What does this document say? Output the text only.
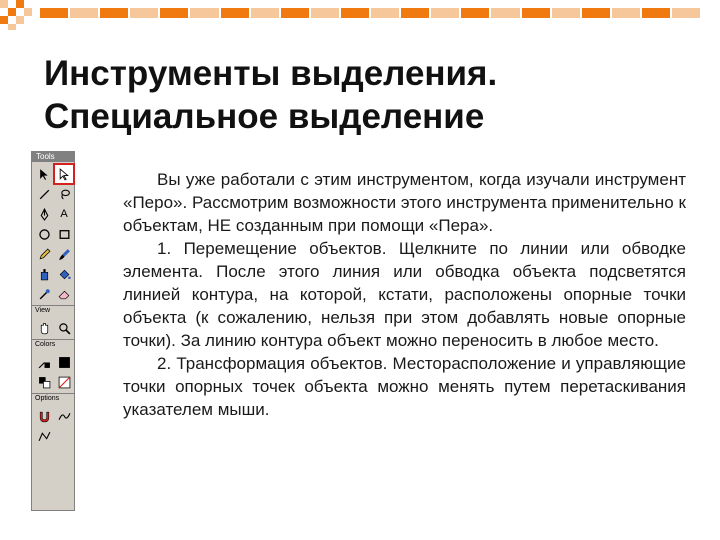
Инструменты выделения.
Специальное выделение
Tools
A
View
Colors
Options

Вы уже работали с этим инструментом, когда изучали инструмент «Перо». Рассмотрим возможности этого инструмента применительно к объектам, НЕ созданным при помощи «Пера».

1. Перемещение объектов. Щелкните по линии или обводке элемента. После этого линия или обводка объекта подсветятся линией контура, на которой, кстати, расположены опорные точки объекта (к сожалению, нельзя при этом добавлять новые опорные точки). За линию контура объект можно переносить в любое место.

2. Трансформация объектов. Месторасположение и управляющие точки опорных точек объекта можно менять путем перетаскивания указателем мыши.
